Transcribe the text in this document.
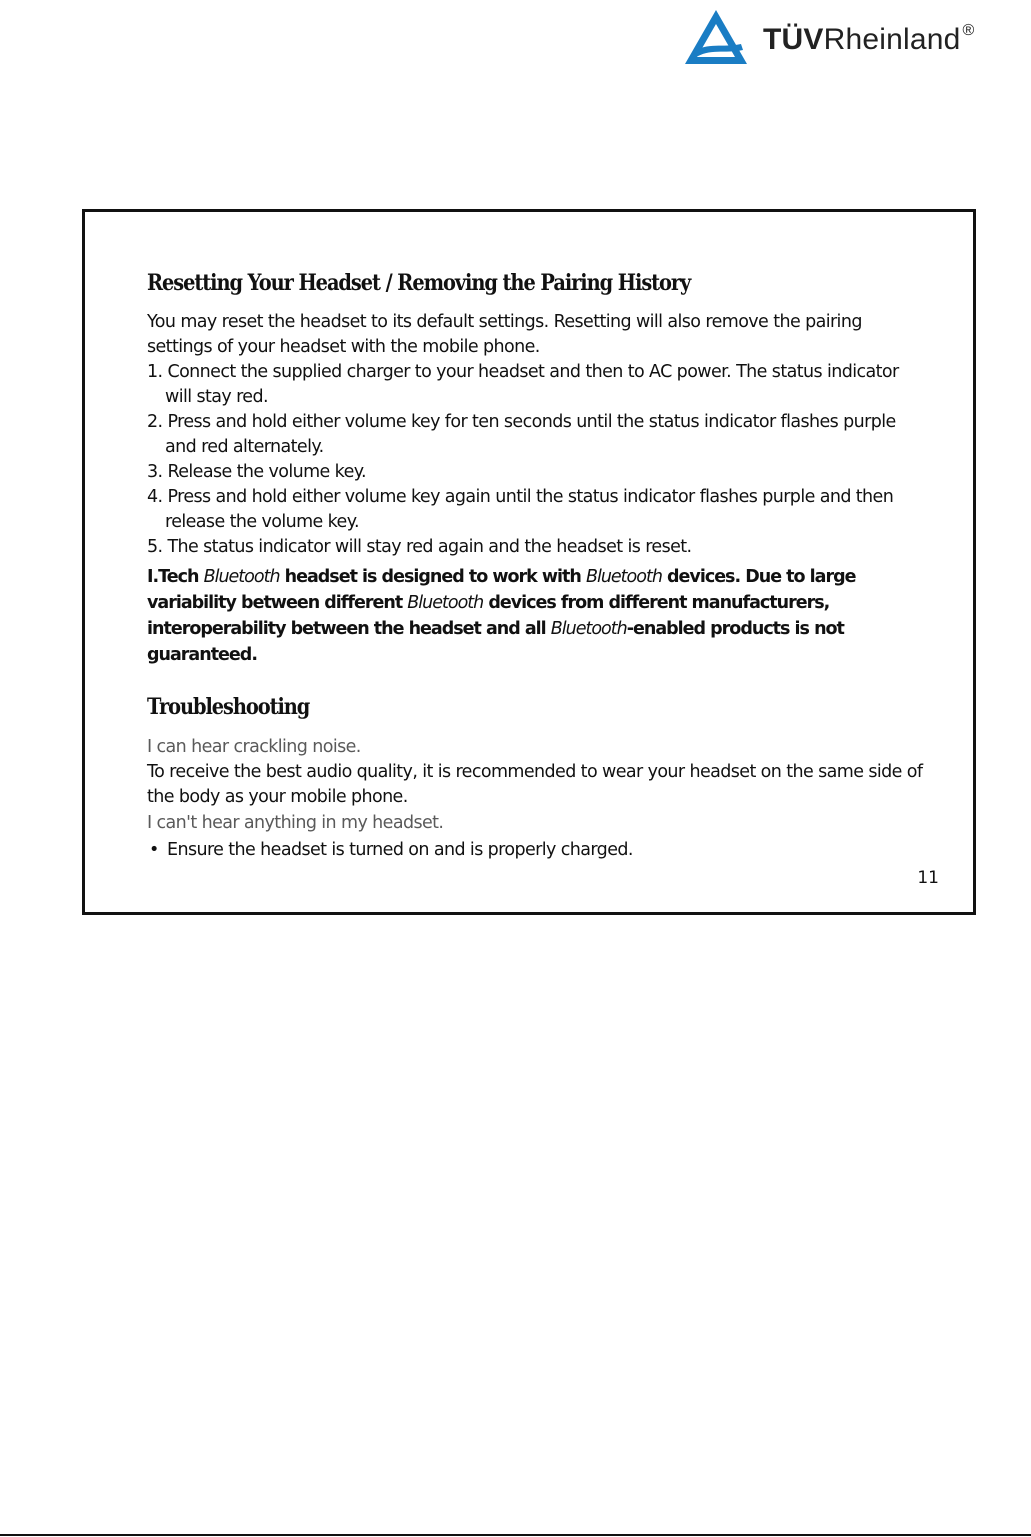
TÜVRheinland ®
Resetting Your Headset / Removing the Pairing History

You may reset the headset to its default settings. Resetting will also remove the pairing settings of your headset with the mobile phone.

1. Connect the supplied charger to your headset and then to AC power. The status indicator will stay red.

2. Press and hold either volume key for ten seconds until the status indicator flashes purple and red alternately.

3. Release the volume key.

4. Press and hold either volume key again until the status indicator flashes purple and then release the volume key.

5. The status indicator will stay red again and the headset is reset.

I.Tech Bluetooth headset is designed to work with Bluetooth devices. Due to large variability between different Bluetooth devices from different manufacturers, interoperability between the headset and all Bluetooth-enabled products is not guaranteed.

Troubleshooting

I can hear crackling noise.

To receive the best audio quality, it is recommended to wear your headset on the same side of the body as your mobile phone.

I can't hear anything in my headset.

• Ensure the headset is turned on and is properly charged.

11
